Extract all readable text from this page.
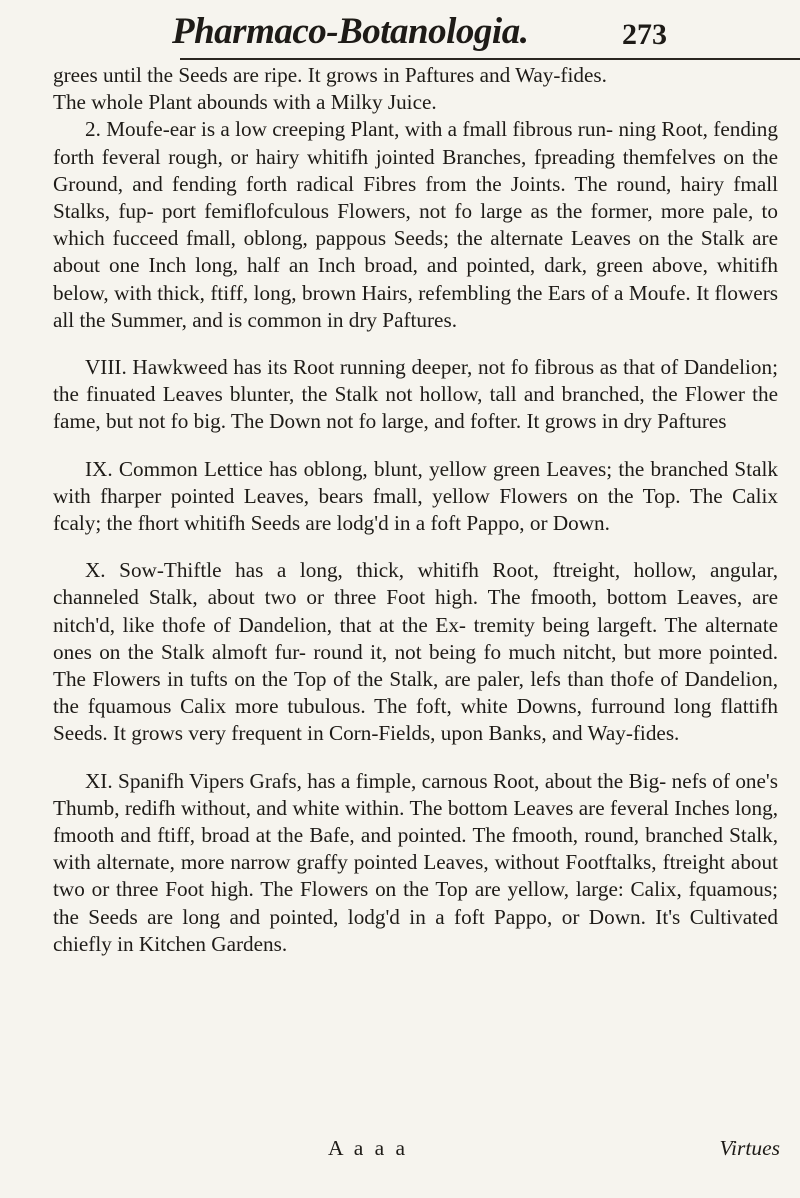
Pharmaco-Botanologia.	273

grees until the Seeds are ripe. It grows in Paftures and Way-fides.
The whole Plant abounds with a Milky Juice.

2. Moufe-ear is a low creeping Plant, with a fmall fibrous run- ning Root, fending forth feveral rough, or hairy whitifh jointed Branches, fpreading themfelves on the Ground, and fending forth radical Fibres from the Joints. The round, hairy fmall Stalks, fup- port femiflofculous Flowers, not fo large as the former, more pale, to which fucceed fmall, oblong, pappous Seeds; the alternate Leaves on the Stalk are about one Inch long, half an Inch broad, and pointed, dark, green above, whitifh below, with thick, ftiff, long, brown Hairs, refembling the Ears of a Moufe. It flowers all the Summer, and is common in dry Paftures.

VIII. Hawkweed has its Root running deeper, not fo fibrous as that of Dandelion; the finuated Leaves blunter, the Stalk not hollow, tall and branched, the Flower the fame, but not fo big. The Down not fo large, and fofter. It grows in dry Paftures

IX. Common Lettice has oblong, blunt, yellow green Leaves; the branched Stalk with fharper pointed Leaves, bears fmall, yellow Flowers on the Top. The Calix fcaly; the fhort whitifh Seeds are lodg'd in a foft Pappo, or Down.

X. Sow-Thiftle has a long, thick, whitifh Root, ftreight, hollow, angular, channeled Stalk, about two or three Foot high. The fmooth, bottom Leaves, are nitch'd, like thofe of Dandelion, that at the Ex- tremity being largeft. The alternate ones on the Stalk almoft fur- round it, not being fo much nitcht, but more pointed. The Flowers in tufts on the Top of the Stalk, are paler, lefs than thofe of Dandelion, the fquamous Calix more tubulous. The foft, white Downs, furround long flattifh Seeds. It grows very frequent in Corn-Fields, upon Banks, and Way-fides.

XI. Spanifh Vipers Grafs, has a fimple, carnous Root, about the Big- nefs of one's Thumb, redifh without, and white within. The bottom Leaves are feveral Inches long, fmooth and ftiff, broad at the Bafe, and pointed. The fmooth, round, branched Stalk, with alternate, more narrow graffy pointed Leaves, without Footftalks, ftreight about two or three Foot high. The Flowers on the Top are yellow, large: Calix, fquamous; the Seeds are long and pointed, lodg'd in a foft Pappo, or Down. It's Cultivated chiefly in Kitchen Gardens.

A a a a	Virtues
